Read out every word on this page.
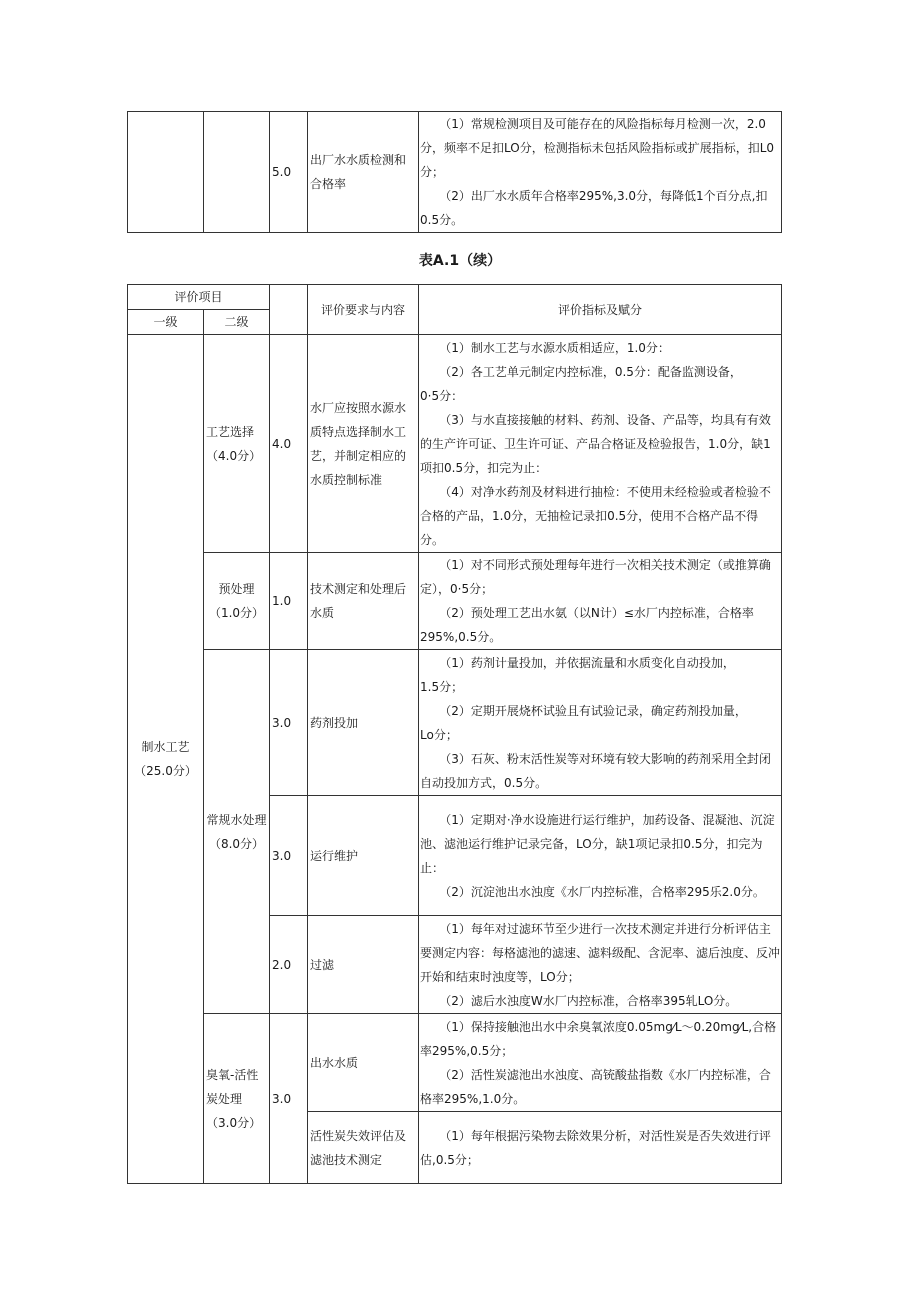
		5.0	出厂水水质检测和合格率	

（1）常规检测项目及可能存在的风险指标每月检测一次，2.0分，频率不足扣LO分，检测指标未包括风险指标或扩展指标，扣L0分；

（2）出厂水水质年合格率295%,3.0分，每降低1个百分点,扣0.5分。

表A.1（续）
评价项目			评价要求与内容	评价指标及赋分
一级	二级			
制水工艺（25.0分）	工艺选择（4.0分）	4.0	水厂应按照水源水质特点选择制水工艺，并制定相应的水质控制标准	（1）制水工艺与水源水质相适应，1.0分：

（2）各工艺单元制定内控标准，0.5分：配备监测设备，

0·5分：

（3）与水直接接触的材料、药剂、设备、产品等，均具有有效的生产许可证、卫生许可证、产品合格证及检验报告，1.0分，缺1项扣0.5分，扣完为止：

（4）对净水药剂及材料进行抽检：不使用未经检验或者检验不合格的产品，1.0分，无抽检记录扣0.5分，使用不合格产品不得分。

	预处理（1.0分）	1.0	技术测定和处理后水质	（1）对不同形式预处理每年进行一次相关技术测定（或推算确定），0·5分；

（2）预处理工艺出水氨（以N计）≤水厂内控标准，合格率295%,0.5分。

	常规水处理（8.0分）	3.0	药剂投加	（1）药剂计量投加，并依据流量和水质变化自动投加，

1.5分；

（2）定期开展烧杯试验且有试验记录，确定药剂投加量，

Lo分；

（3）石灰、粉末活性炭等对环境有较大影响的药剂采用全封闭自动投加方式，0.5分。

		3.0	运行维护	（1）定期对·净水设施进行运行维护，加药设备、混凝池、沉淀池、滤池运行维护记录完备，LO分，缺1项记录扣0.5分，扣完为止：

（2）沉淀池出水浊度《水厂内控标准，合格率295乐2.0分。

		2.0	过滤	（1）每年对过滤环节至少进行一次技术测定并进行分析评估主要测定内容：每格滤池的滤速、滤料级配、含泥率、滤后浊度、反冲开始和结束时浊度等，LO分；

（2）滤后水浊度W水厂内控标准，合格率395轧LO分。

	臭氧-活性炭处理（3.0分）	3.0	出水水质	（1）保持接触池出水中余臭氧浓度0.05mg⁄L～0.20mg⁄L,合格率295%,0.5分；

（2）活性炭滤池出水浊度、高铳酸盐指数《水厂内控标准，合格率295%,1.0分。

			活性炭失效评估及滤池技术测定	（1）每年根据污染物去除效果分析，对活性炭是否失效进行评估,0.5分；
